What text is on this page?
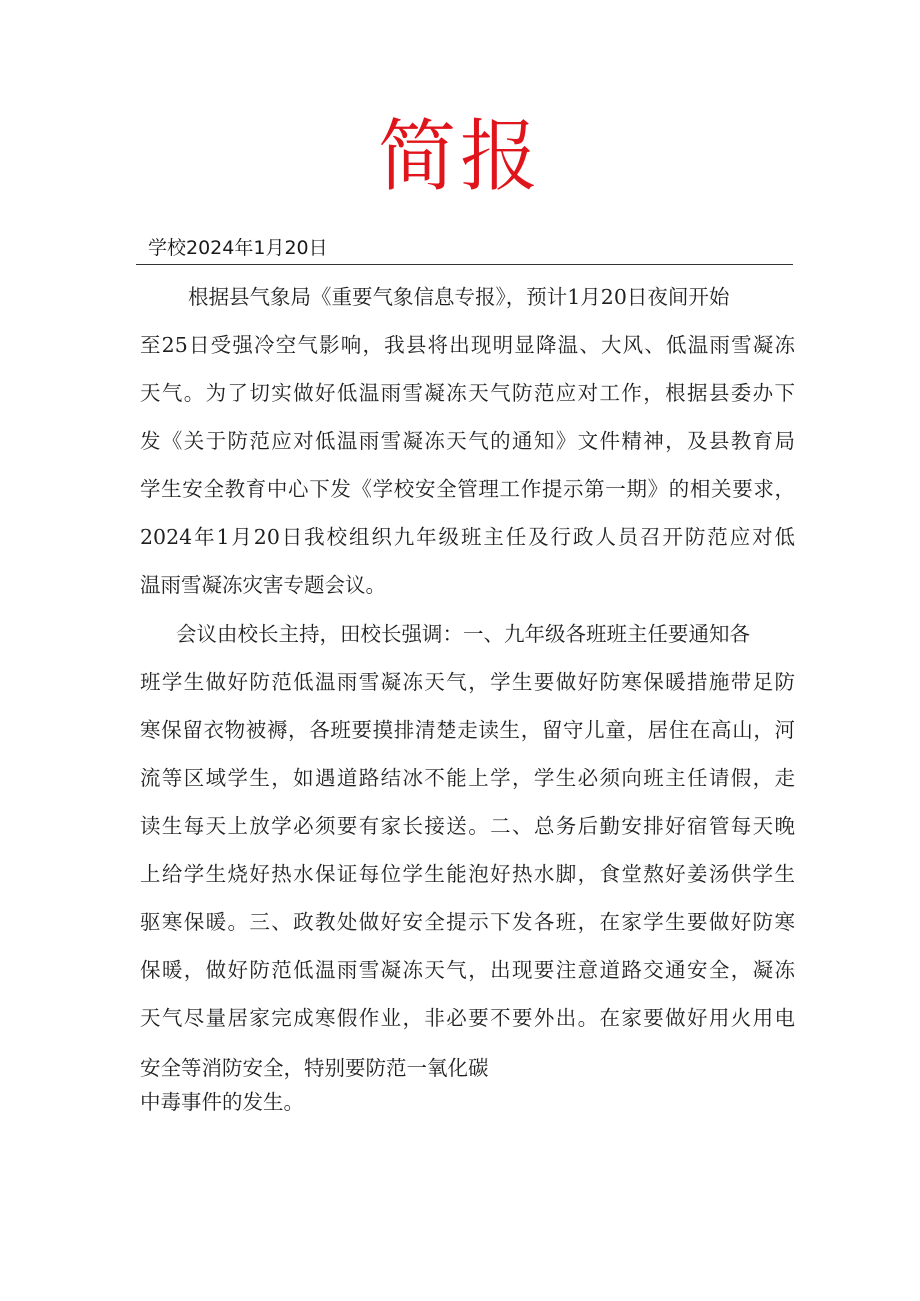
简报
学校2024年1月20日
根据县气象局《重要气象信息专报》，预计1月20日夜间开始
至25日受强冷空气影响，我县将出现明显降温、大风、低温雨雪凝冻
天气。为了切实做好低温雨雪凝冻天气防范应对工作，根据县委办下
发《关于防范应对低温雨雪凝冻天气的通知》文件精神，及县教育局
学生安全教育中心下发《学校安全管理工作提示第一期》的相关要求，
2024年1月20日我校组织九年级班主任及行政人员召开防范应对低
温雨雪凝冻灾害专题会议。
会议由校长主持，田校长强调：一、九年级各班班主任要通知各
班学生做好防范低温雨雪凝冻天气，学生要做好防寒保暖措施带足防
寒保留衣物被褥，各班要摸排清楚走读生，留守儿童，居住在高山，河
流等区域学生，如遇道路结冰不能上学，学生必须向班主任请假，走
读生每天上放学必须要有家长接送。二、总务后勤安排好宿管每天晚
上给学生烧好热水保证每位学生能泡好热水脚，食堂熬好姜汤供学生
驱寒保暖。三、政教处做好安全提示下发各班，在家学生要做好防寒
保暖，做好防范低温雨雪凝冻天气，出现要注意道路交通安全，凝冻
天气尽量居家完成寒假作业，非必要不要外出。在家要做好用火用电
安全等消防安全，特别要防范一氧化碳
中毒事件的发生。
